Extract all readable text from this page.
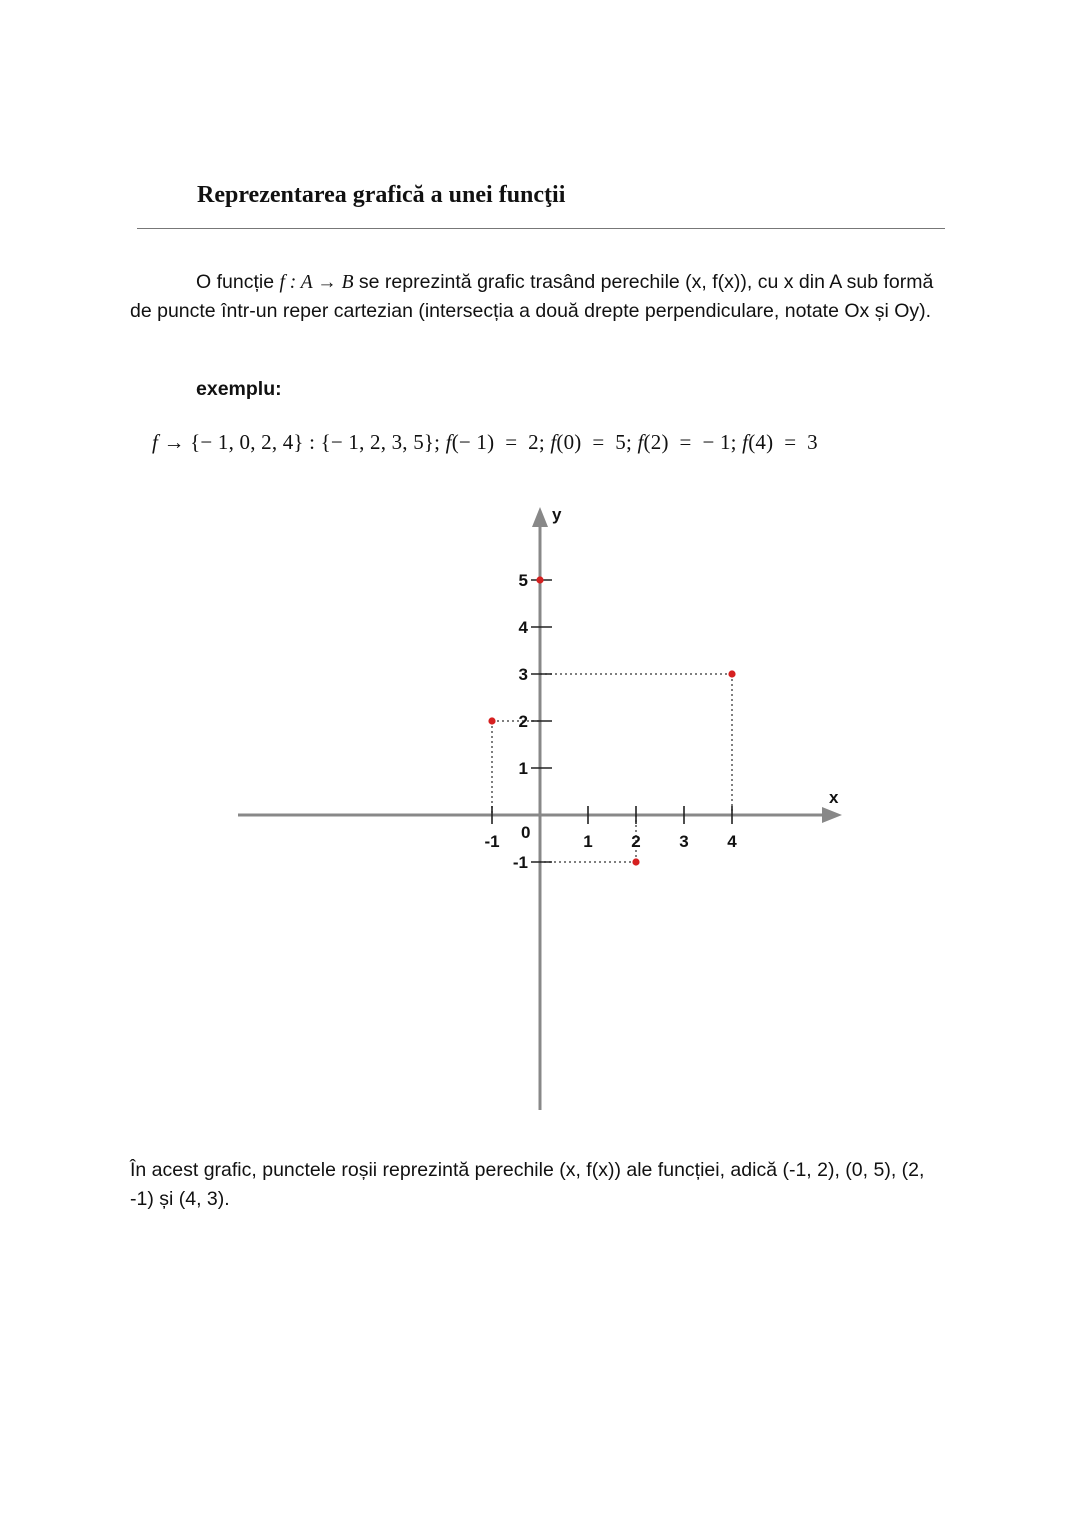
Reprezentarea grafică a unei funcţii
O funcție f : A → B se reprezintă grafic trasând perechile (x, f(x)), cu x din A sub formă de puncte într-un reper cartezian (intersecția a două drepte perpendiculare, notate Ox și Oy).
exemplu:
f → {− 1, 0, 2, 4} : {− 1, 2, 3, 5}; f(− 1)  =  2; f(0)  =  5; f(2)  =  − 1; f(4)  =  3
x
y
0
-1	1 2 3 4
-1
1
2
3
4
5
În acest grafic, punctele roșii reprezintă perechile (x, f(x)) ale funcției, adică (-1, 2), (0, 5), (2, -1) și (4, 3).
